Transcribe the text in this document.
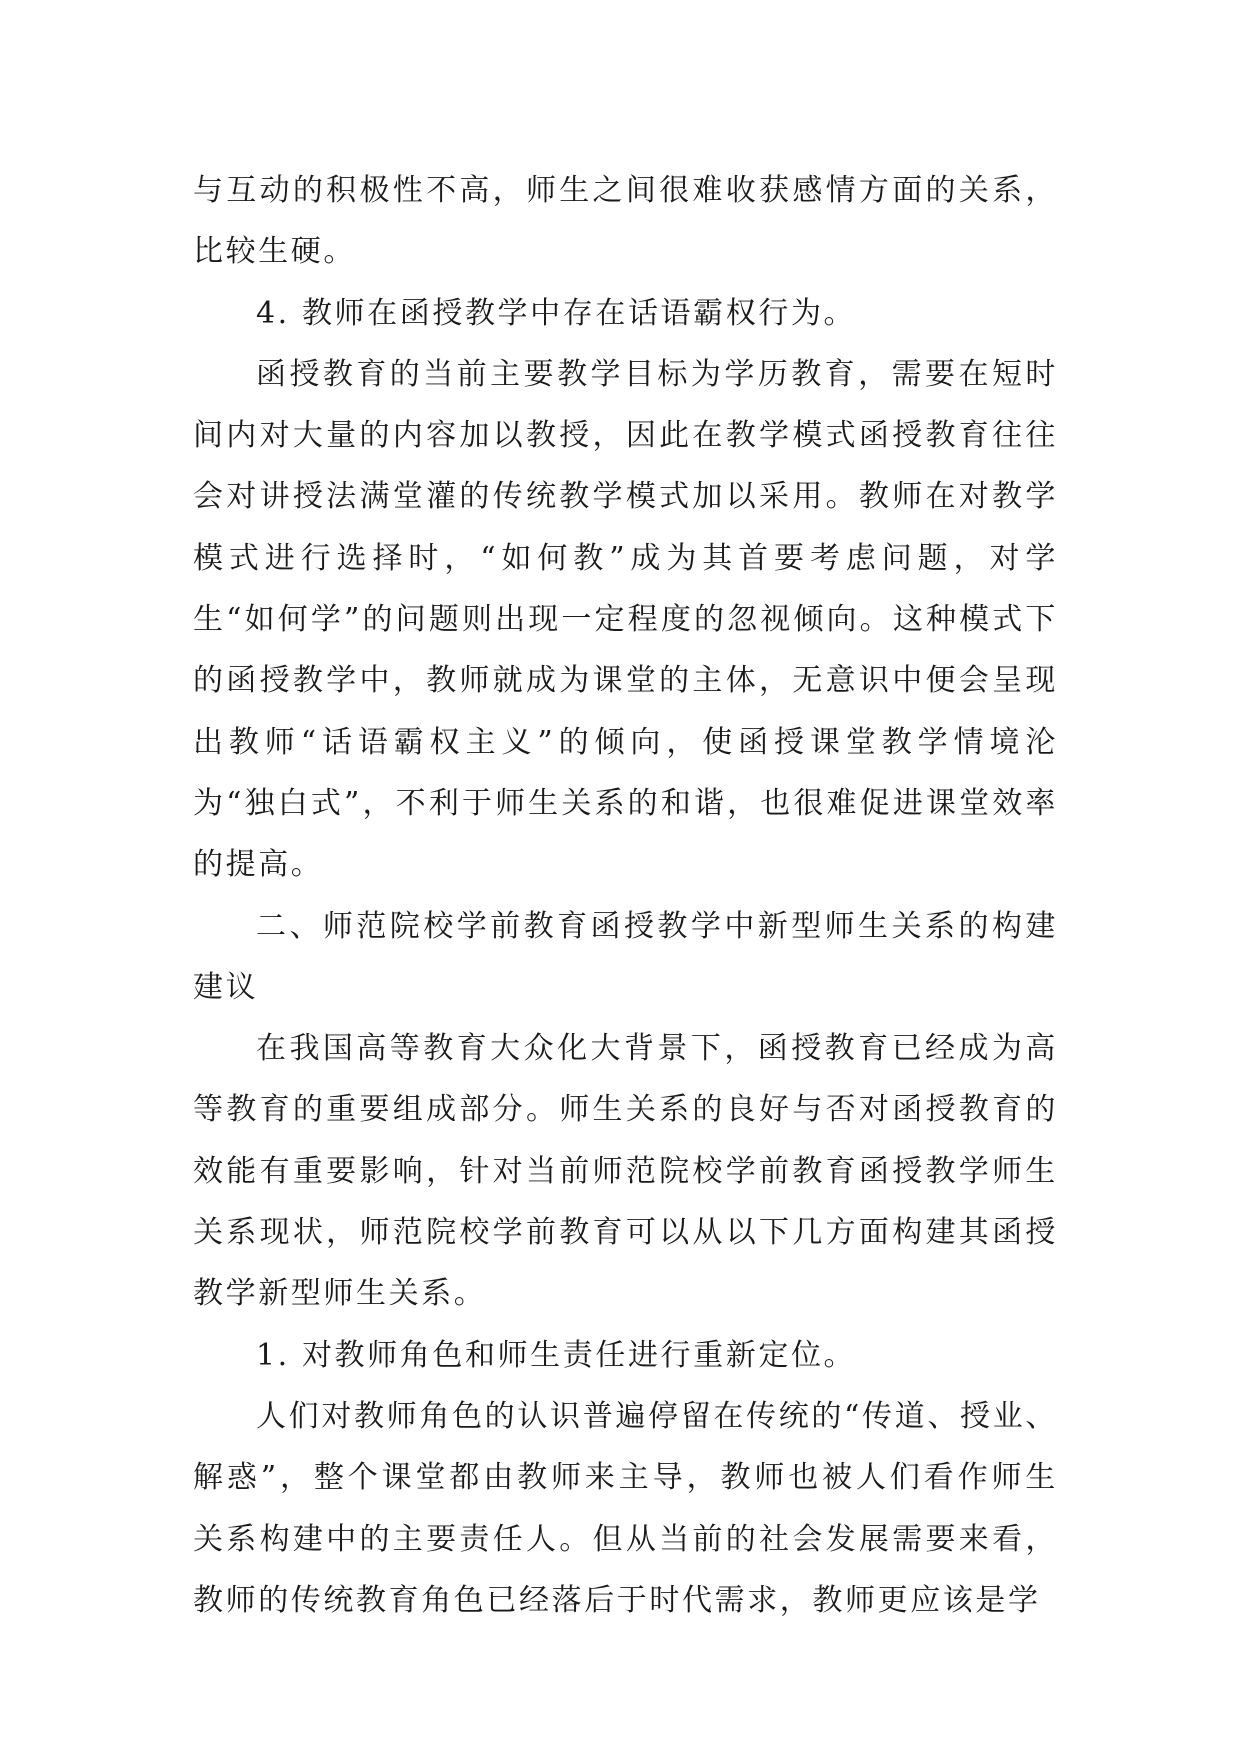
与互动的积极性不高，师生之间很难收获感情方面的关系，比较生硬。

4. 教师在函授教学中存在话语霸权行为。

函授教育的当前主要教学目标为学历教育，需要在短时间内对大量的内容加以教授，因此在教学模式函授教育往往会对讲授法满堂灌的传统教学模式加以采用。教师在对教学模式进行选择时，“如何教”成为其首要考虑问题，对学生“如何学”的问题则出现一定程度的忽视倾向。这种模式下的函授教学中，教师就成为课堂的主体，无意识中便会呈现出教师“话语霸权主义”的倾向，使函授课堂教学情境沦为“独白式”，不利于师生关系的和谐，也很难促进课堂效率的提高。

二、师范院校学前教育函授教学中新型师生关系的构建建议

在我国高等教育大众化大背景下，函授教育已经成为高等教育的重要组成部分。师生关系的良好与否对函授教育的效能有重要影响，针对当前师范院校学前教育函授教学师生关系现状，师范院校学前教育可以从以下几方面构建其函授教学新型师生关系。

1. 对教师角色和师生责任进行重新定位。

人们对教师角色的认识普遍停留在传统的“传道、授业、解惑”，整个课堂都由教师来主导，教师也被人们看作师生关系构建中的主要责任人。但从当前的社会发展需要来看，教师的传统教育角色已经落后于时代需求，教师更应该是学
